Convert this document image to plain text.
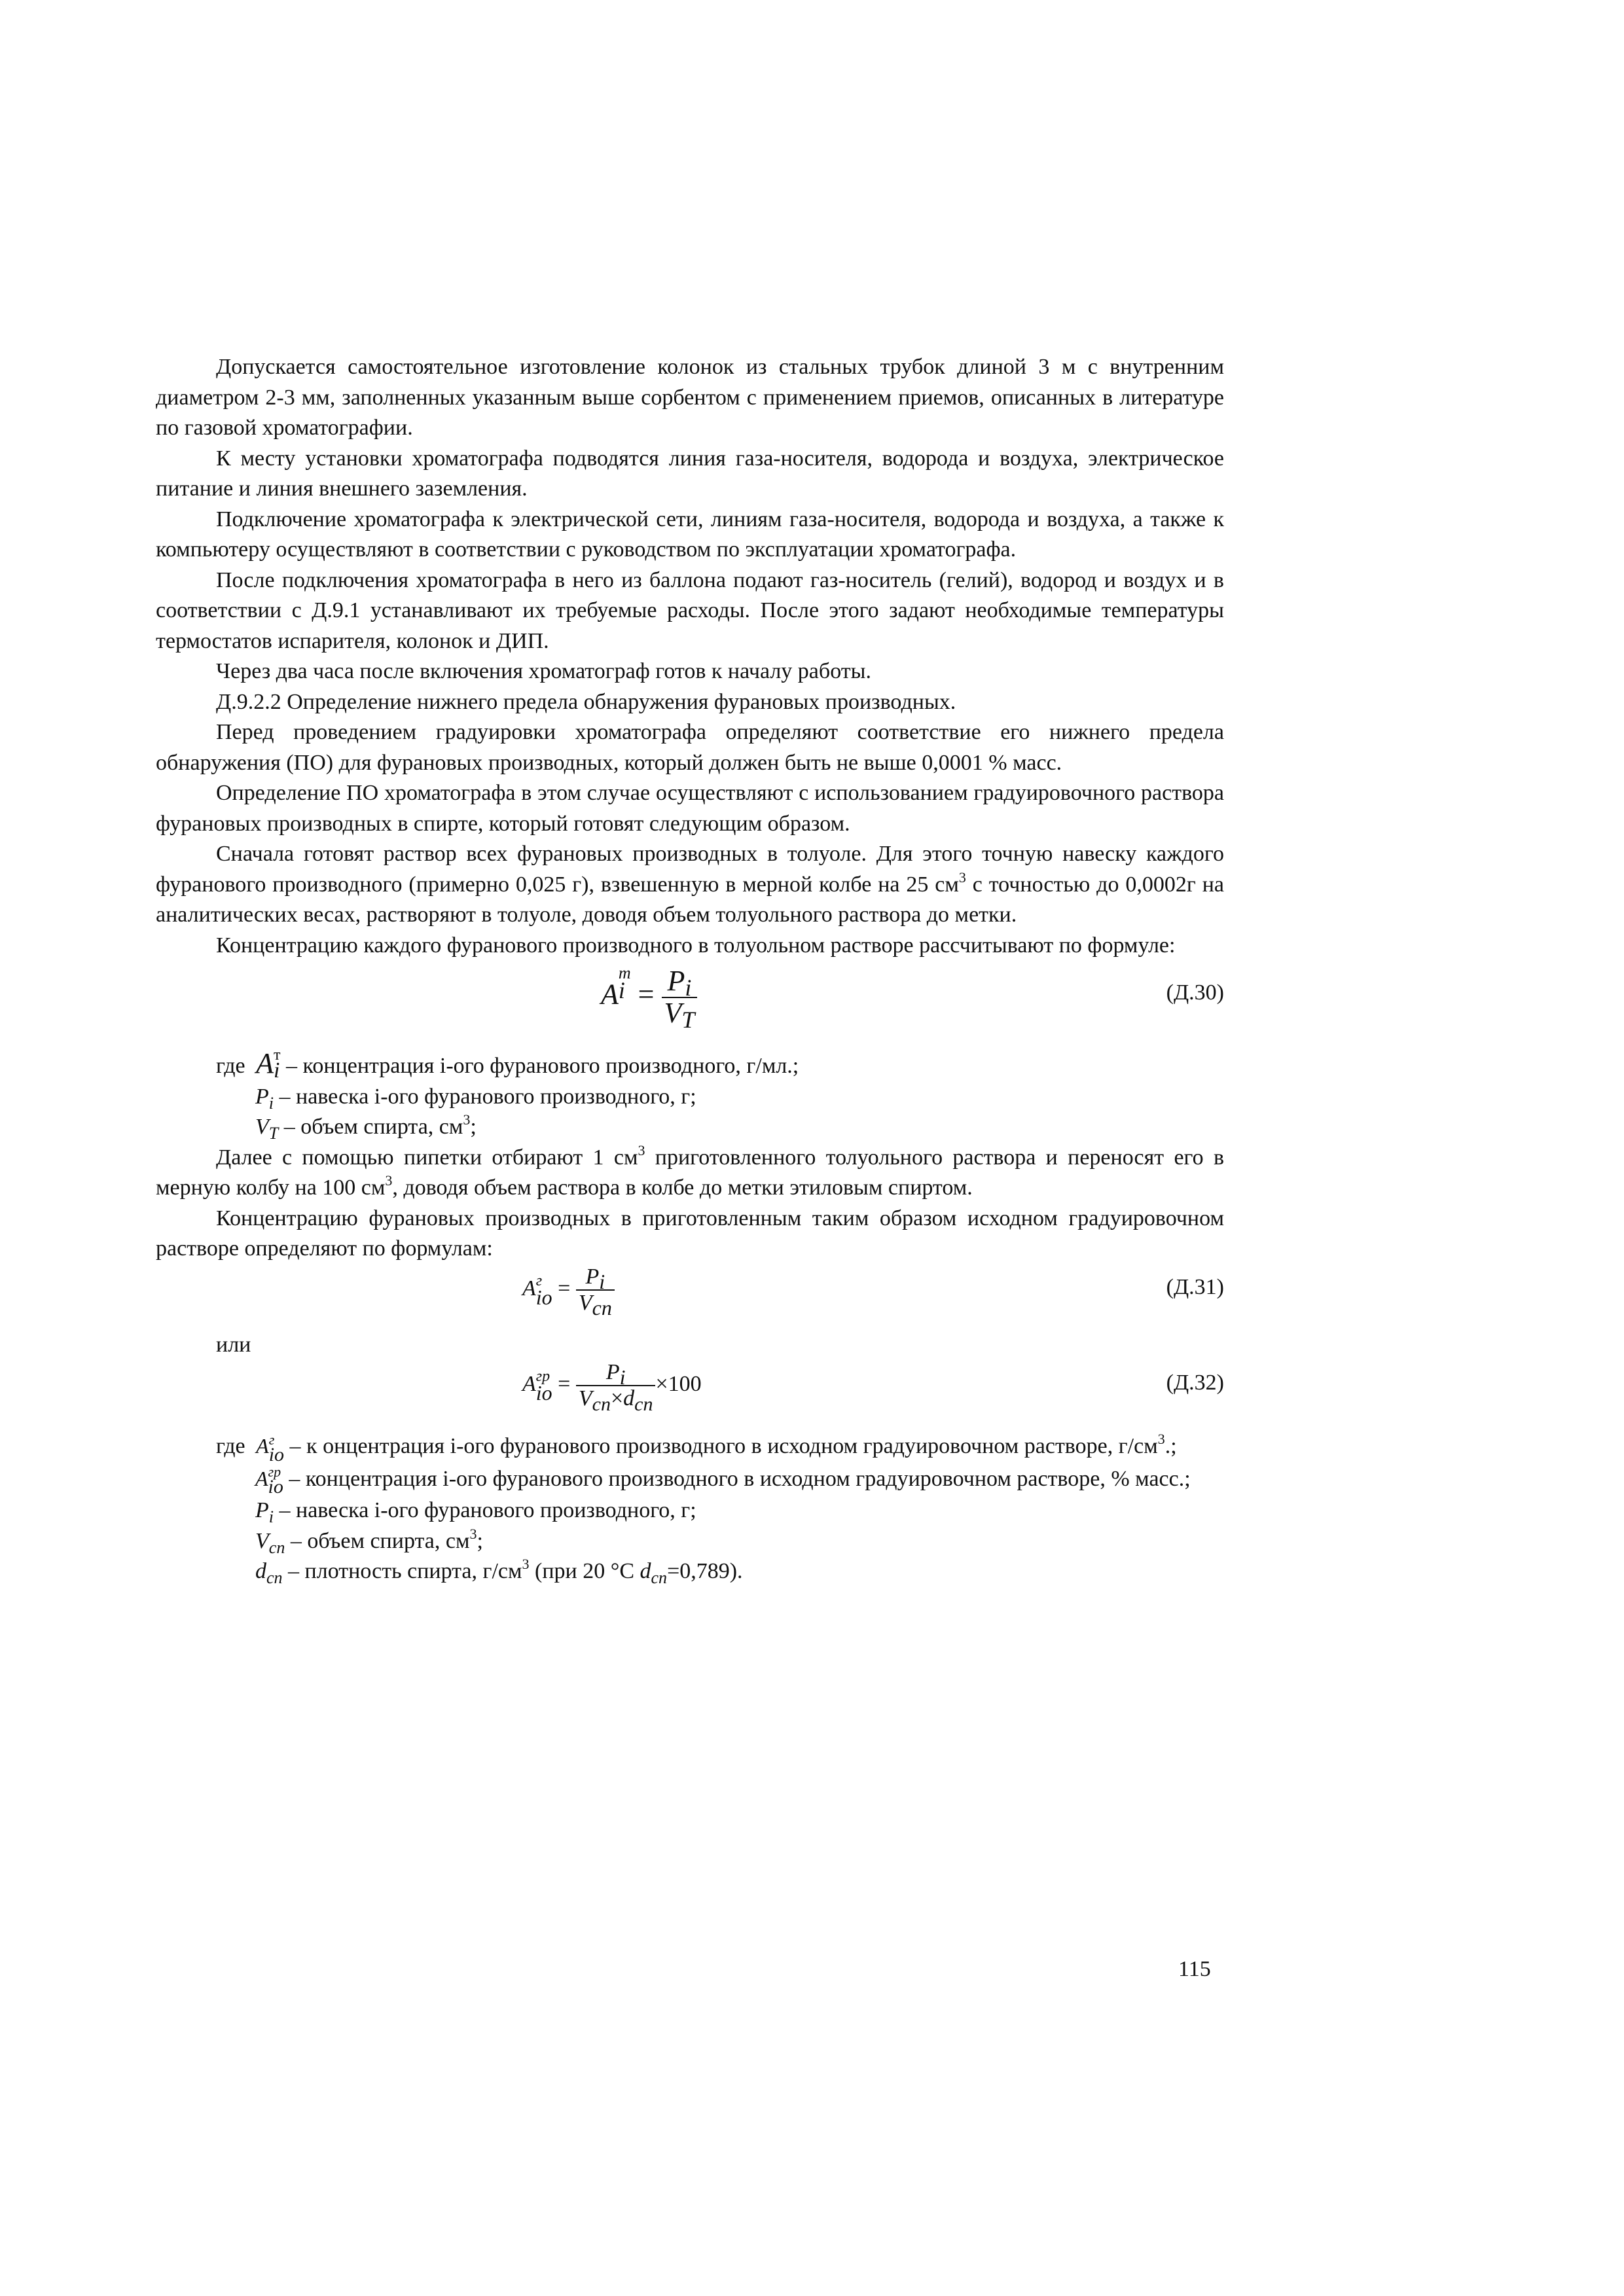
Допускается самостоятельное изготовление колонок из стальных трубок длиной 3 м с внутренним диаметром 2-3 мм, заполненных указанным выше сорбентом с применением приемов, описанных в литературе по газовой хроматографии.

К месту установки хроматографа подводятся линия газа-носителя, водорода и воздуха, электрическое питание и линия внешнего заземления.

Подключение хроматографа к электрической сети, линиям газа-носителя, водорода и воздуха, а также к компьютеру осуществляют в соответствии с руководством по эксплуатации хроматографа.

После подключения хроматографа в него из баллона подают газ-носитель (гелий), водород и воздух и в соответствии с Д.9.1 устанавливают их требуемые расходы. После этого задают необходимые температуры термостатов испарителя, колонок и ДИП.

Через два часа после включения хроматограф готов к началу работы.

Д.9.2.2 Определение нижнего предела обнаружения фурановых производных.

Перед проведением градуировки хроматографа определяют соответствие его нижнего предела обнаружения (ПО) для фурановых производных, который должен быть не выше 0,0001 % масс.

Определение ПО хроматографа в этом случае осуществляют с использованием градуировочного раствора фурановых производных в спирте, который готовят следующим образом.

Сначала готовят раствор всех фурановых производных в толуоле. Для этого точную навеску каждого фуранового производного (примерно 0,025 г), взвешенную в мерной колбе на 25 $см^3$ с точностью до 0,0002г на аналитических весах, растворяют в толуоле, доводя объем толуольного раствора до метки.

Концентрацию каждого фуранового производного в толуольном растворе рассчитывают по формуле:

A
т
$i = \frac{P_i}{V_T}$	(Д.30)

где A т
i – концентрация i-ого фуранового производного, г/мл.;

$P_i$ – навеска i-ого фуранового производного, г;

$V_T$ – объем спирта, $см^3$;

Далее с помощью пипетки отбирают 1 $см^3$ приготовленного толуольного раствора и переносят его в мерную колбу на 100 $см^3$, доводя объем раствора в колбе до метки этиловым спиртом.

Концентрацию фурановых производных в приготовленным таким образом исходном градуировочном растворе определяют по формулам:

A г
io = $\frac{P_i}{V_{сп}}$	(Д.31)

или

A гр
io = $\frac{P_i}{V_{сп}\times d_{сп}} \times 100$	(Д.32)

где A г
io – к онцентрация i-ого фуранового производного в исходном градуировочном растворе, $г/см^3$.;

A гр
io – концентрация i-ого фуранового производного в исходном градуировочном растворе, % масс.;

$P_i$ – навеска i-ого фуранового производного, г;

$V_{сп}$ – объем спирта, $см^3$;

$d_{сп}$ – плотность спирта, $г/см^3$ (при 20 °С $d_{сп}=0,789$).

115
